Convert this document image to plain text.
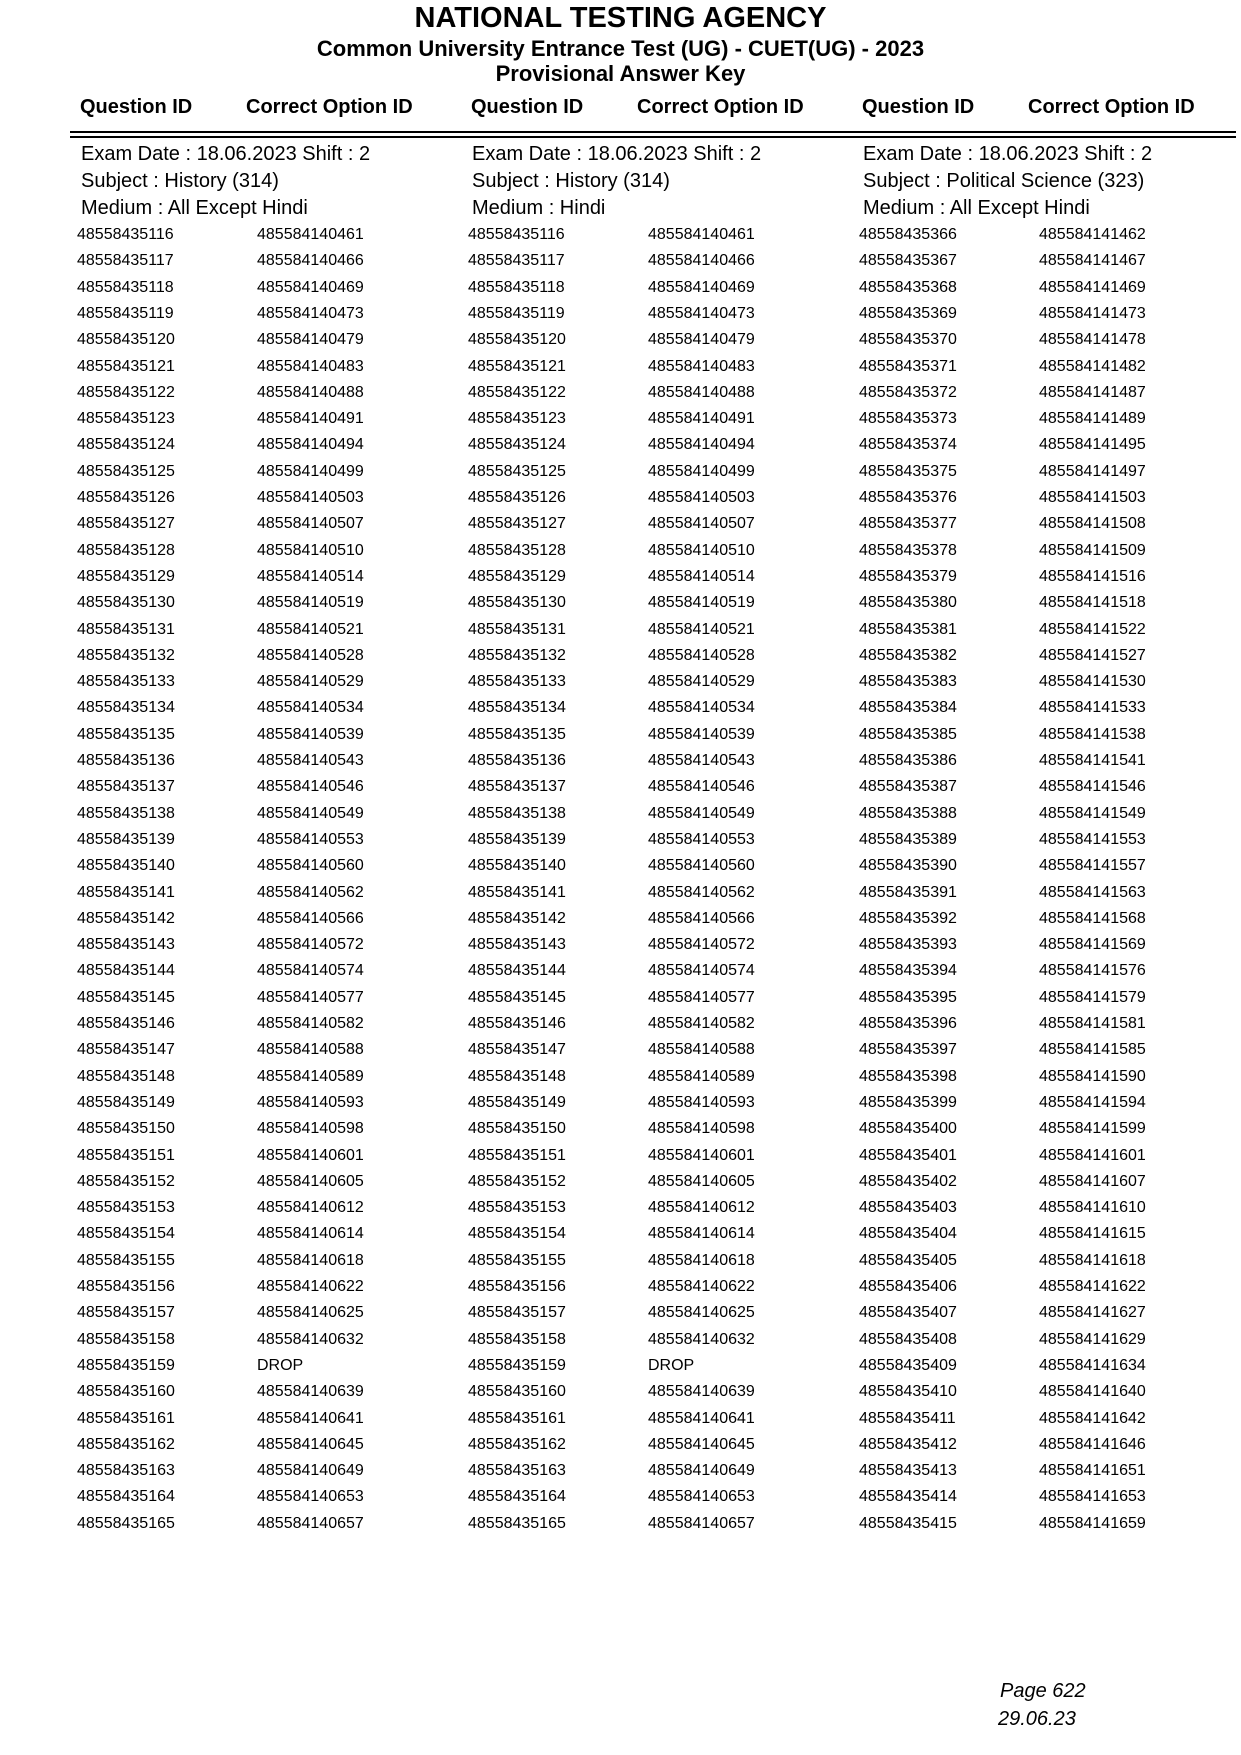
NATIONAL TESTING AGENCY
Common University Entrance Test (UG) - CUET(UG) - 2023
Provisional Answer Key
Question ID	Correct Option ID	Question ID	Correct Option ID	Question ID	Correct Option ID
Exam Date : 18.06.2023 Shift : 2
Subject : History (314)
Medium : All Except Hindi
48558435116	485584140461
48558435117	485584140466
48558435118	485584140469
48558435119	485584140473
48558435120	485584140479
48558435121	485584140483
48558435122	485584140488
48558435123	485584140491
48558435124	485584140494
48558435125	485584140499
48558435126	485584140503
48558435127	485584140507
48558435128	485584140510
48558435129	485584140514
48558435130	485584140519
48558435131	485584140521
48558435132	485584140528
48558435133	485584140529
48558435134	485584140534
48558435135	485584140539
48558435136	485584140543
48558435137	485584140546
48558435138	485584140549
48558435139	485584140553
48558435140	485584140560
48558435141	485584140562
48558435142	485584140566
48558435143	485584140572
48558435144	485584140574
48558435145	485584140577
48558435146	485584140582
48558435147	485584140588
48558435148	485584140589
48558435149	485584140593
48558435150	485584140598
48558435151	485584140601
48558435152	485584140605
48558435153	485584140612
48558435154	485584140614
48558435155	485584140618
48558435156	485584140622
48558435157	485584140625
48558435158	485584140632
48558435159	DROP
48558435160	485584140639
48558435161	485584140641
48558435162	485584140645
48558435163	485584140649
48558435164	485584140653
48558435165	485584140657
Exam Date : 18.06.2023 Shift : 2
Subject : History (314)
Medium : Hindi
48558435116	485584140461
48558435117	485584140466
48558435118	485584140469
48558435119	485584140473
48558435120	485584140479
48558435121	485584140483
48558435122	485584140488
48558435123	485584140491
48558435124	485584140494
48558435125	485584140499
48558435126	485584140503
48558435127	485584140507
48558435128	485584140510
48558435129	485584140514
48558435130	485584140519
48558435131	485584140521
48558435132	485584140528
48558435133	485584140529
48558435134	485584140534
48558435135	485584140539
48558435136	485584140543
48558435137	485584140546
48558435138	485584140549
48558435139	485584140553
48558435140	485584140560
48558435141	485584140562
48558435142	485584140566
48558435143	485584140572
48558435144	485584140574
48558435145	485584140577
48558435146	485584140582
48558435147	485584140588
48558435148	485584140589
48558435149	485584140593
48558435150	485584140598
48558435151	485584140601
48558435152	485584140605
48558435153	485584140612
48558435154	485584140614
48558435155	485584140618
48558435156	485584140622
48558435157	485584140625
48558435158	485584140632
48558435159	DROP
48558435160	485584140639
48558435161	485584140641
48558435162	485584140645
48558435163	485584140649
48558435164	485584140653
48558435165	485584140657
Exam Date : 18.06.2023 Shift : 2
Subject : Political Science (323)
Medium : All Except Hindi
48558435366	485584141462
48558435367	485584141467
48558435368	485584141469
48558435369	485584141473
48558435370	485584141478
48558435371	485584141482
48558435372	485584141487
48558435373	485584141489
48558435374	485584141495
48558435375	485584141497
48558435376	485584141503
48558435377	485584141508
48558435378	485584141509
48558435379	485584141516
48558435380	485584141518
48558435381	485584141522
48558435382	485584141527
48558435383	485584141530
48558435384	485584141533
48558435385	485584141538
48558435386	485584141541
48558435387	485584141546
48558435388	485584141549
48558435389	485584141553
48558435390	485584141557
48558435391	485584141563
48558435392	485584141568
48558435393	485584141569
48558435394	485584141576
48558435395	485584141579
48558435396	485584141581
48558435397	485584141585
48558435398	485584141590
48558435399	485584141594
48558435400	485584141599
48558435401	485584141601
48558435402	485584141607
48558435403	485584141610
48558435404	485584141615
48558435405	485584141618
48558435406	485584141622
48558435407	485584141627
48558435408	485584141629
48558435409	485584141634
48558435410	485584141640
48558435411	485584141642
48558435412	485584141646
48558435413	485584141651
48558435414	485584141653
48558435415	485584141659
Page 622
29.06.23
